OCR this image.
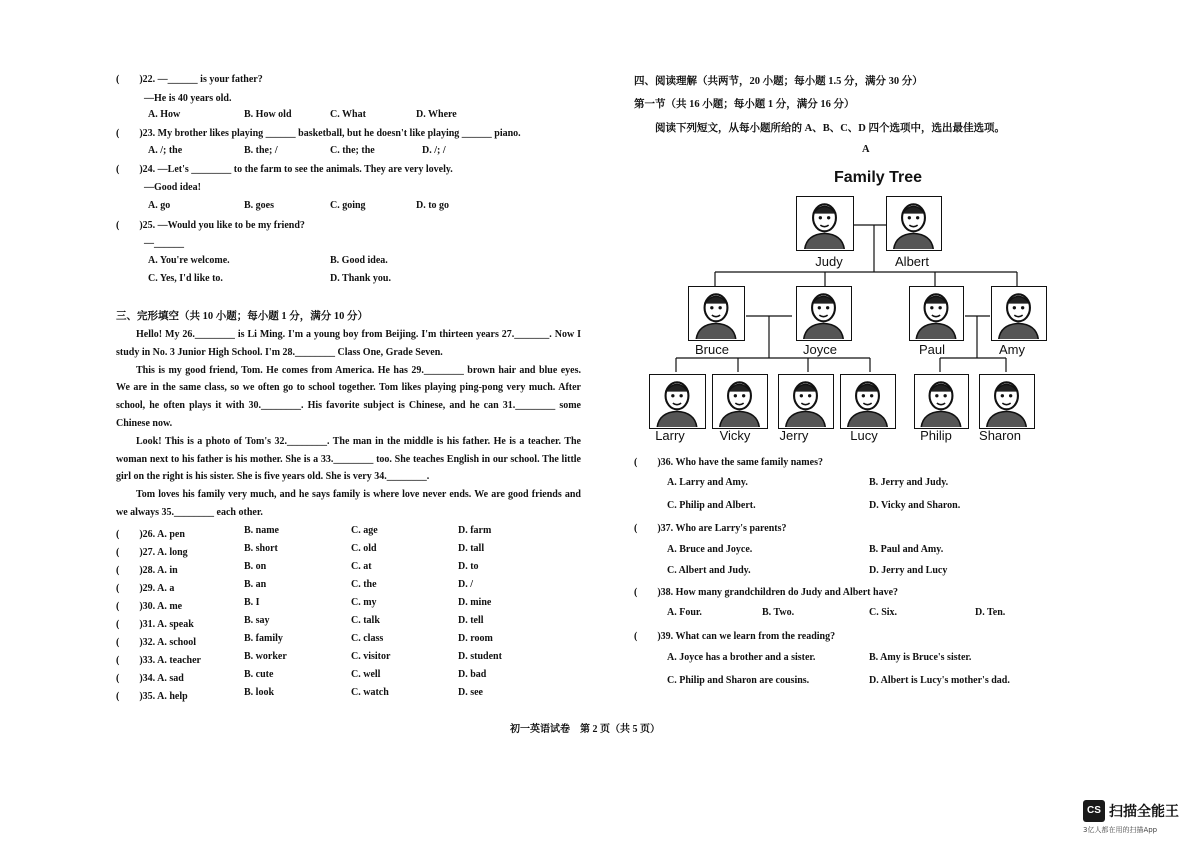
(　　)22. —______ is your father?
—He is 40 years old.
A. How	B. How old	C. What	D. Where
(　　)23. My brother likes playing ______ basketball, but he doesn't like playing ______ piano.
A. /; the	B. the; /	C. the; the	D. /; /
(　　)24. —Let's ________ to the farm to see the animals. They are very lovely.
—Good idea!
A. go	B. goes	C. going	D. to go
(　　)25. —Would you like to be my friend?
—______
A. You're welcome.	B. Good idea.
C. Yes, I'd like to.	D. Thank you.
三、完形填空（共 10 小题；每小题 1 分，满分 10 分）
Hello! My 26.________ is Li Ming. I'm a young boy from Beijing. I'm thirteen years 27._______. Now I study in No. 3 Junior High School. I'm 28.________ Class One, Grade Seven.
This is my good friend, Tom. He comes from America. He has 29.________ brown hair and blue eyes. We are in the same class, so we often go to school together. Tom likes playing ping-pong very much. After school, he often plays it with 30.________. His favorite subject is Chinese, and he can 31.________ some Chinese now.
Look! This is a photo of Tom's 32.________. The man in the middle is his father. He is a teacher. The woman next to his father is his mother. She is a 33.________ too. She teaches English in our school. The little girl on the right is his sister. She is five years old. She is very 34.________.
Tom loves his family very much, and he says family is where love never ends. We are good friends and we always 35.________ each other.
(　　)26. A. pen	B. name	C. age	D. farm
(　　)27. A. long	B. short	C. old	D. tall
(　　)28. A. in	B. on	C. at	D. to
(　　)29. A. a	B. an	C. the	D. /
(　　)30. A. me	B. I	C. my	D. mine
(　　)31. A. speak	B. say	C. talk	D. tell
(　　)32. A. school	B. family	C. class	D. room
(　　)33. A. teacher	B. worker	C. visitor	D. student
(　　)34. A. sad	B. cute	C. well	D. bad
(　　)35. A. help	B. look	C. watch	D. see
四、阅读理解（共两节，20 小题；每小题 1.5 分，满分 30 分）
第一节（共 16 小题；每小题 1 分，满分 16 分）
阅读下列短文，从每小题所给的 A、B、C、D 四个选项中，选出最佳选项。
A
Family Tree
Judy	Albert
Bruce	Joyce	Paul	Amy
Larry	Vicky	Jerry	Lucy	Philip	Sharon
(　　)36. Who have the same family names?
A. Larry and Amy.	B. Jerry and Judy.
C. Philip and Albert.	D. Vicky and Sharon.
(　　)37. Who are Larry's parents?
A. Bruce and Joyce.	B. Paul and Amy.
C. Albert and Judy.	D. Jerry and Lucy
(　　)38. How many grandchildren do Judy and Albert have?
A. Four.	B. Two.	C. Six.	D. Ten.
(　　)39. What can we learn from the reading?
A. Joyce has a brother and a sister.	B. Amy is Bruce's sister.
C. Philip and Sharon are cousins.	D. Albert is Lucy's mother's dad.
初一英语试卷　第 2 页（共 5 页）
CS 扫描全能王
3亿人都在用的扫描App
